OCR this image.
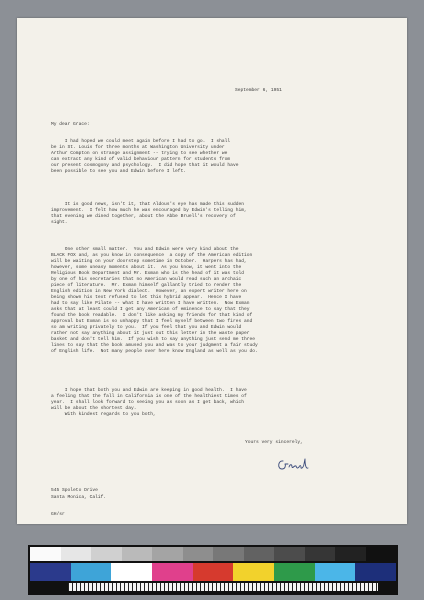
September 6, 1951
My dear Grace:
I had hoped we could meet again before I had to go.  I shall
be in St. Louis for three months at Washington University under
Arthur Compton on strange assignment -- trying to see whether we
can extract any kind of valid behaviour pattern for students from
our present cosmogony and psychology.  I did hope that it would have
been possible to see you and Edwin before I left.
It is good news, isn't it, that Aldous's eye has made this sudden
improvement.  I felt how much he was encouraged by Edwin's telling him,
that evening we dined together, about the Abbe Bruell's recovery of
sight.
One other small matter.  You and Edwin were very kind about the
BLACK FOX and, as you know in consequence  a copy of the American edition
will be waiting on your doorstep sometime in October.  Harpers has had,
however, some uneasy moments about it.  As you know, it went into the
Religious Book Department and Mr. Exman who is the head of it was told
by one of his secretaries that no American would read such an archaic
piece of literature.  Mr. Exman himself gallantly tried to render the
English edition in New York dialect.  However, an expert writer here on
being shown his text refused to let this hybrid appear.  Hence I have
had to say like Pilate -- what I have written I have written.  Now Exman
asks that at least could I get any American of eminence to say that they
found the book readable.  I don't like asking my friends for that kind of
approval but Exman is so unhappy that I feel myself between two fires and
so am writing privately to you.  If you feel that you and Edwin would
rather not say anything about it just out this letter in the waste paper
basket and don't tell him.  If you wish to say anything just send me three
lines to say that the book amused you and was to your judgment a fair study
of English life.  Not many people over here know England as well as you do.
I hope that both you and Edwin are keeping in good health.  I have
a feeling that the fall in California is one of the healthiest times of
year.  I shall look forward to seeing you as soon as I get back, which
will be about the shortest day.
With kindest regards to you both,
Yours very sincerely,
545 Spoleto Drive
Santa Monica, Calif.
GH/sr
